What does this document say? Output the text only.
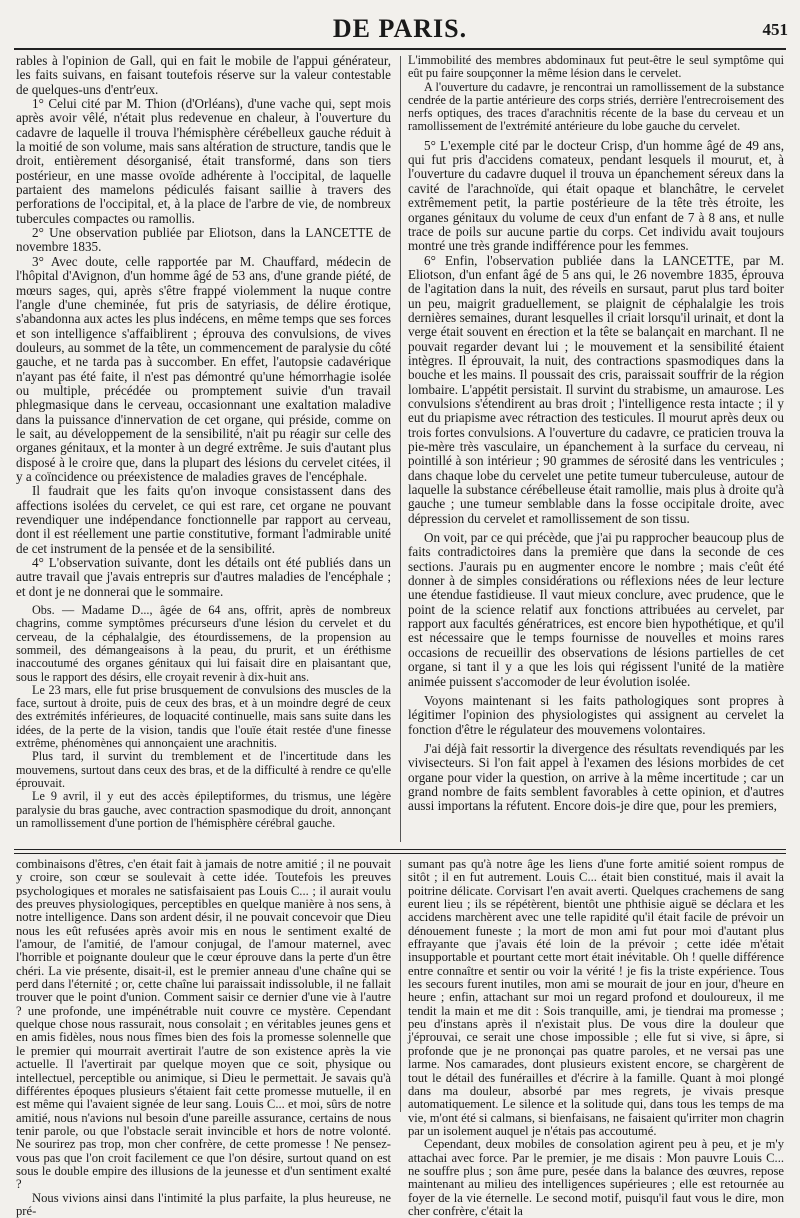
DE PARIS.	451

rables à l'opinion de Gall, qui en fait le mobile de l'appui générateur, les faits suivans, en faisant toutefois réserve sur la valeur contestable de quelques-uns d'entr'eux.

1° Celui cité par M. Thion (d'Orléans), d'une vache qui, sept mois après avoir vêlé, n'était plus redevenue en chaleur, à l'ouverture du cadavre de laquelle il trouva l'hémisphère cérébelleux gauche réduit à la moitié de son volume, mais sans altération de structure, tandis que le droit, entièrement désorganisé, était transformé, dans son tiers postérieur, en une masse ovoïde adhérente à l'occipital, de laquelle partaient des mamelons pédiculés faisant saillie à travers des perforations de l'occipital, et, à la place de l'arbre de vie, de nombreux tubercules compactes ou ramollis.

2° Une observation publiée par Eliotson, dans la LANCETTE de novembre 1835.

3° Avec doute, celle rapportée par M. Chauffard, médecin de l'hôpital d'Avignon, d'un homme âgé de 53 ans, d'une grande piété, de mœurs sages, qui, après s'être frappé violemment la nuque contre l'angle d'une cheminée, fut pris de satyriasis, de délire érotique, s'abandonna aux actes les plus indécens, en même temps que ses forces et son intelligence s'affaiblirent ; éprouva des convulsions, de vives douleurs, au sommet de la tête, un commencement de paralysie du côté gauche, et ne tarda pas à succomber. En effet, l'autopsie cadavérique n'ayant pas été faite, il n'est pas démontré qu'une hémorrhagie isolée ou multiple, précédée ou promptement suivie d'un travail phlegmasique dans le cerveau, occasionnant une exaltation maladive dans la puissance d'innervation de cet organe, qui préside, comme on le sait, au développement de la sensibilité, n'ait pu réagir sur celle des organes génitaux, et la monter à un degré extrême. Je suis d'autant plus disposé à le croire que, dans la plupart des lésions du cervelet citées, il y a coïncidence ou préexistence de maladies graves de l'encéphale.

Il faudrait que les faits qu'on invoque consistassent dans des affections isolées du cervelet, ce qui est rare, cet organe ne pouvant revendiquer une indépendance fonctionnelle par rapport au cerveau, dont il est réellement une partie constitutive, formant l'admirable unité de cet instrument de la pensée et de la sensibilité.

4° L'observation suivante, dont les détails ont été publiés dans un autre travail que j'avais entrepris sur d'autres maladies de l'encéphale ; et dont je ne donnerai que le sommaire.

Obs. — Madame D..., âgée de 64 ans, offrit, après de nombreux chagrins, comme symptômes précurseurs d'une lésion du cervelet et du cerveau, de la céphalalgie, des étourdissemens, de la propension au sommeil, des démangeaisons à la peau, du prurit, et un éréthisme inaccoutumé des organes génitaux qui lui faisait dire en plaisantant que, sous le rapport des désirs, elle croyait revenir à dix-huit ans.

Le 23 mars, elle fut prise brusquement de convulsions des muscles de la face, surtout à droite, puis de ceux des bras, et à un moindre degré de ceux des extrémités inférieures, de loquacité continuelle, mais sans suite dans les idées, de la perte de la vision, tandis que l'ouïe était restée d'une finesse extrême, phénomènes qui annonçaient une arachnitis.

Plus tard, il survint du tremblement et de l'incertitude dans les mouvemens, surtout dans ceux des bras, et de la difficulté à rendre ce qu'elle éprouvait.

Le 9 avril, il y eut des accès épileptiformes, du trismus, une légère paralysie du bras gauche, avec contraction spasmodique du droit, annonçant un ramollissement d'une portion de l'hémisphère cérébral gauche.

L'immobilité des membres abdominaux fut peut-être le seul symptôme qui eût pu faire soupçonner la même lésion dans le cervelet.

A l'ouverture du cadavre, je rencontrai un ramollissement de la substance cendrée de la partie antérieure des corps striés, derrière l'entrecroisement des nerfs optiques, des traces d'arachnitis récente de la base du cerveau et un ramollissement de l'extrémité antérieure du lobe gauche du cervelet.

5° L'exemple cité par le docteur Crisp, d'un homme âgé de 49 ans, qui fut pris d'accidens comateux, pendant lesquels il mourut, et, à l'ouverture du cadavre duquel il trouva un épanchement séreux dans la cavité de l'arachnoïde, qui était opaque et blanchâtre, le cervelet extrêmement petit, la partie postérieure de la tête très étroite, les organes génitaux du volume de ceux d'un enfant de 7 à 8 ans, et nulle trace de poils sur aucune partie du corps. Cet individu avait toujours montré une très grande indifférence pour les femmes.

6° Enfin, l'observation publiée dans la LANCETTE, par M. Eliotson, d'un enfant âgé de 5 ans qui, le 26 novembre 1835, éprouva de l'agitation dans la nuit, des réveils en sursaut, parut plus tard boiter un peu, maigrit graduellement, se plaignit de céphalalgie les trois dernières semaines, durant lesquelles il criait lorsqu'il urinait, et dont la verge était souvent en érection et la tête se balançait en marchant. Il ne pouvait regarder devant lui ; le mouvement et la sensibilité étaient intègres. Il éprouvait, la nuit, des contractions spasmodiques dans la bouche et les mains. Il poussait des cris, paraissait souffrir de la région lombaire. L'appétit persistait. Il survint du strabisme, un amaurose. Les convulsions s'étendirent au bras droit ; l'intelligence resta intacte ; il y eut du priapisme avec rétraction des testicules. Il mourut après deux ou trois fortes convulsions. A l'ouverture du cadavre, ce praticien trouva la pie-mère très vasculaire, un épanchement à la surface du cerveau, ni pointillé à son intérieur ; 90 grammes de sérosité dans les ventricules ; dans chaque lobe du cervelet une petite tumeur tuberculeuse, autour de laquelle la substance cérébelleuse était ramollie, mais plus à droite qu'à gauche ; une tumeur semblable dans la fosse occipitale droite, avec dépression du cervelet et ramollissement de son tissu.

On voit, par ce qui précède, que j'ai pu rapprocher beaucoup plus de faits contradictoires dans la première que dans la seconde de ces sections. J'aurais pu en augmenter encore le nombre ; mais c'eût été donner à de simples considérations ou réflexions nées de leur lecture une étendue fastidieuse. Il vaut mieux conclure, avec prudence, que le point de la science relatif aux fonctions attribuées au cervelet, par rapport aux facultés génératrices, est encore bien hypothétique, et qu'il est nécessaire que le temps fournisse de nouvelles et moins rares occasions de recueillir des observations de lésions partielles de cet organe, si tant il y a que les lois qui régissent l'unité de la matière animée puissent s'accomoder de leur évolution isolée.

Voyons maintenant si les faits pathologiques sont propres à légitimer l'opinion des physiologistes qui assignent au cervelet la fonction d'être le régulateur des mouvemens volontaires.

J'ai déjà fait ressortir la divergence des résultats revendiqués par les vivisecteurs. Si l'on fait appel à l'examen des lésions morbides de cet organe pour vider la question, on arrive à la même incertitude ; car un grand nombre de faits semblent favorables à cette opinion, et d'autres aussi importans la réfutent. Encore dois-je dire que, pour les premiers,

combinaisons d'êtres, c'en était fait à jamais de notre amitié ; il ne pouvait y croire, son cœur se soulevait à cette idée. Toutefois les preuves psychologiques et morales ne satisfaisaient pas Louis C... ; il aurait voulu des preuves physiologiques, perceptibles en quelque manière à nos sens, à notre intelligence. Dans son ardent désir, il ne pouvait concevoir que Dieu nous les eût refusées après avoir mis en nous le sentiment exalté de l'amour, de l'amitié, de l'amour conjugal, de l'amour maternel, avec l'horrible et poignante douleur que le cœur éprouve dans la perte d'un être chéri. La vie présente, disait-il, est le premier anneau d'une chaîne qui se perd dans l'éternité ; or, cette chaîne lui paraissait indissoluble, il ne fallait trouver que le point d'union. Comment saisir ce dernier d'une vie à l'autre ? une profonde, une impénétrable nuit couvre ce mystère. Cependant quelque chose nous rassurait, nous consolait ; en véritables jeunes gens et en amis fidèles, nous nous fîmes bien des fois la promesse solennelle que le premier qui mourrait avertirait l'autre de son existence après la vie actuelle. Il l'avertirait par quelque moyen que ce soit, physique ou intellectuel, perceptible ou animique, si Dieu le permettait. Je savais qu'à différentes époques plusieurs s'étaient fait cette promesse mutuelle, il en est même qui l'avaient signée de leur sang. Louis C... et moi, sûrs de notre amitié, nous n'avions nul besoin d'une pareille assurance, certains de nous tenir parole, ou que l'obstacle serait invincible et hors de notre volonté. Ne sourirez pas trop, mon cher confrère, de cette promesse ! Ne pensez-vous pas que l'on croit facilement ce que l'on désire, surtout quand on est sous le double empire des illusions de la jeunesse et d'un sentiment exalté ?

Nous vivions ainsi dans l'intimité la plus parfaite, la plus heureuse, ne pré-

sumant pas qu'à notre âge les liens d'une forte amitié soient rompus de sitôt ; il en fut autrement. Louis C... était bien constitué, mais il avait la poitrine délicate. Corvisart l'en avait averti. Quelques crachemens de sang eurent lieu ; ils se répétèrent, bientôt une phthisie aiguë se déclara et les accidens marchèrent avec une telle rapidité qu'il était facile de prévoir un dénouement funeste ; la mort de mon ami fut pour moi d'autant plus effrayante que j'avais été loin de la prévoir ; cette idée m'était insupportable et pourtant cette mort était inévitable. Oh ! quelle différence entre connaître et sentir ou voir la vérité ! je fis la triste expérience. Tous les secours furent inutiles, mon ami se mourait de jour en jour, d'heure en heure ; enfin, attachant sur moi un regard profond et douloureux, il me tendit la main et me dit : Sois tranquille, ami, je tiendrai ma promesse ; peu d'instans après il n'existait plus. De vous dire la douleur que j'éprouvai, ce serait une chose impossible ; elle fut si vive, si âpre, si profonde que je ne prononçai pas quatre paroles, et ne versai pas une larme. Nos camarades, dont plusieurs existent encore, se chargèrent de tout le détail des funérailles et d'écrire à la famille. Quant à moi plongé dans ma douleur, absorbé par mes regrets, je vivais presque automatiquement. Le silence et la solitude qui, dans tous les temps de ma vie, m'ont été si calmans, si bienfaisans, ne faisaient qu'irriter mon chagrin par un isolement auquel je n'étais pas accoutumé.

Cependant, deux mobiles de consolation agirent peu à peu, et je m'y attachai avec force. Par le premier, je me disais : Mon pauvre Louis C... ne souffre plus ; son âme pure, pesée dans la balance des œuvres, repose maintenant au milieu des intelligences supérieures ; elle est retournée au foyer de la vie éternelle. Le second motif, puisqu'il faut vous le dire, mon cher confrère, c'était la
